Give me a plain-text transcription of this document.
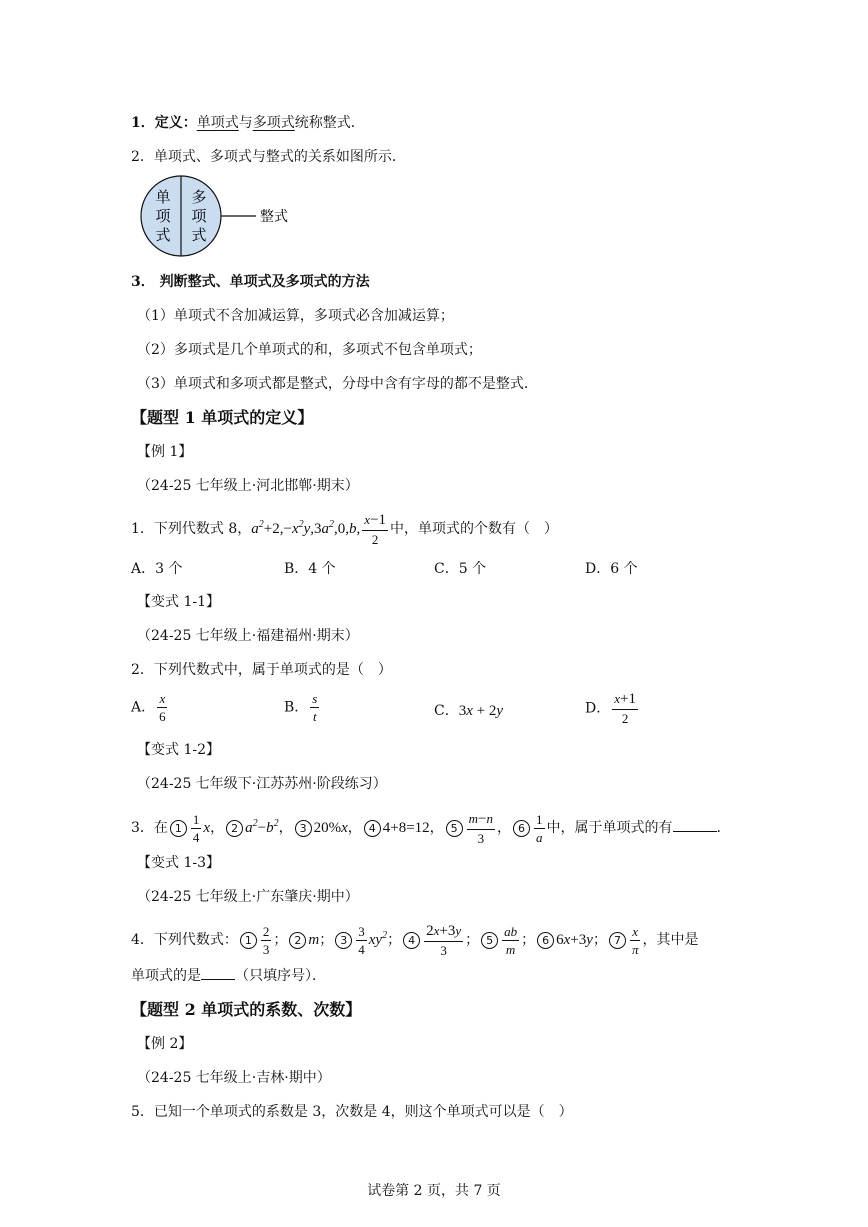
1．定义：单项式与多项式统称整式．
2．单项式、多项式与整式的关系如图所示．
单
项
式
多
项
式
整式
3． 判断整式、单项式及多项式的方法
（1）单项式不含加减运算，多项式必含加减运算；
（2）多项式是几个单项式的和，多项式不包含单项式；
（3）单项式和多项式都是整式，分母中含有字母的都不是整式．
【题型 1 单项式的定义】
【例 1】
（24-25 七年级上·河北邯郸·期末）
1．下列代数式 8，$a^2+2,-x^2y,3a^2,0,b$, $\frac{x-1}{2}$ 中，单项式的个数有（　）
A．3 个	B．4 个	C．5 个	D．6 个
【变式 1-1】
（24-25 七年级上·福建福州·期末）
2．下列代数式中，属于单项式的是（　）
A． $\frac{x}{6}$	B． $\frac{s}{t}$	C．3x + 2y	D． $\frac{x+1}{2}$
【变式 1-2】
（24-25 七年级下·江苏苏州·阶段练习）
3．在 $1 \frac{1}{4}$ x， 2 $a^2-b^2$， 3 20%x， 4 4+8=12， $5 \frac{m-n}{3}$ ， $6 \frac{1}{a}$ 中，属于单项式的有	.
【变式 1-3】
（24-25 七年级上·广东肇庆·期中）
4．下列代数式： $1 \frac{2}{3}$ ； 2 m； $3 \frac{3}{4} xy^2$； $4 \frac{2x+3y}{3}$ ； $5 \frac{ab}{m}$ ； 6 6x+3y； $7 \frac{x}{\pi}$ ，其中是
单项式的是 （只填序号）．
【题型 2 单项式的系数、次数】
【例 2】
（24-25 七年级上·吉林·期中）
5．已知一个单项式的系数是 3，次数是 4，则这个单项式可以是（　）
试卷第 2 页，共 7 页
